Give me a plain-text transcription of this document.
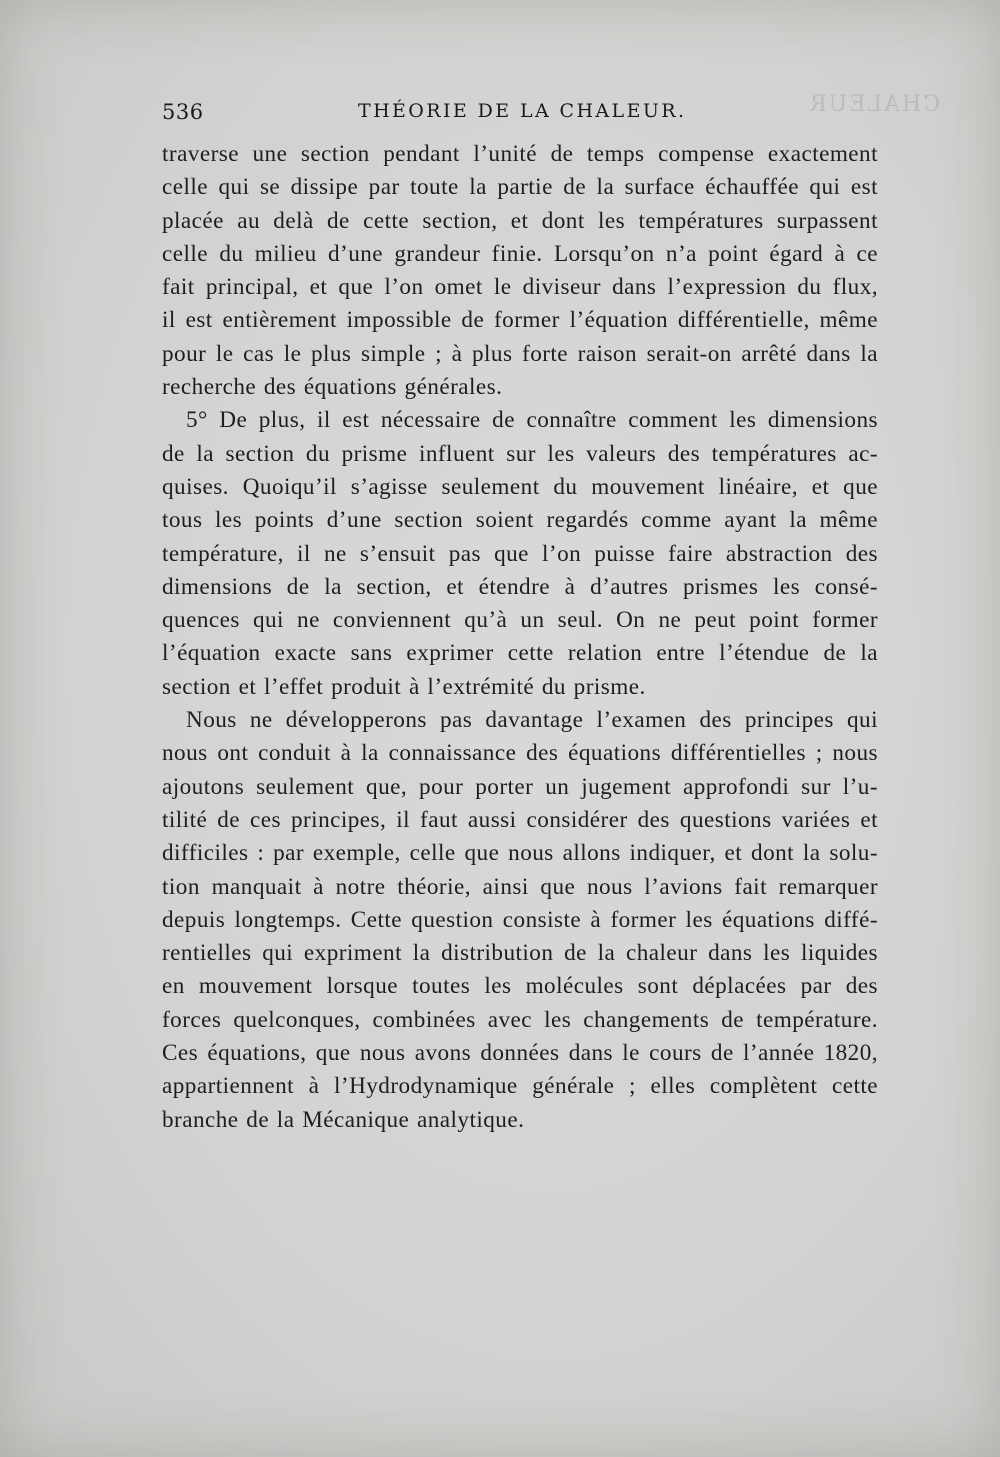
CHALEUR
536	THÉORIE DE LA CHALEUR.
traverse une section pendant l’unité de temps compense exactement
celle qui se dissipe par toute la partie de la surface échauffée qui est
placée au delà de cette section, et dont les températures surpassent
celle du milieu d’une grandeur finie. Lorsqu’on n’a point égard à ce
fait principal, et que l’on omet le diviseur dans l’expression du flux,
il est entièrement impossible de former l’équation différentielle, même
pour le cas le plus simple ; à plus forte raison serait-on arrêté dans la
recherche des équations générales.
5° De plus, il est nécessaire de connaître comment les dimensions
de la section du prisme influent sur les valeurs des températures ac-
quises. Quoiqu’il s’agisse seulement du mouvement linéaire, et que
tous les points d’une section soient regardés comme ayant la même
température, il ne s’ensuit pas que l’on puisse faire abstraction des
dimensions de la section, et étendre à d’autres prismes les consé-
quences qui ne conviennent qu’à un seul. On ne peut point former
l’équation exacte sans exprimer cette relation entre l’étendue de la
section et l’effet produit à l’extrémité du prisme.
Nous ne développerons pas davantage l’examen des principes qui
nous ont conduit à la connaissance des équations différentielles ; nous
ajoutons seulement que, pour porter un jugement approfondi sur l’u-
tilité de ces principes, il faut aussi considérer des questions variées et
difficiles : par exemple, celle que nous allons indiquer, et dont la solu-
tion manquait à notre théorie, ainsi que nous l’avions fait remarquer
depuis longtemps. Cette question consiste à former les équations diffé-
rentielles qui expriment la distribution de la chaleur dans les liquides
en mouvement lorsque toutes les molécules sont déplacées par des
forces quelconques, combinées avec les changements de température.
Ces équations, que nous avons données dans le cours de l’année 1820,
appartiennent à l’Hydrodynamique générale ; elles complètent cette
branche de la Mécanique analytique.
